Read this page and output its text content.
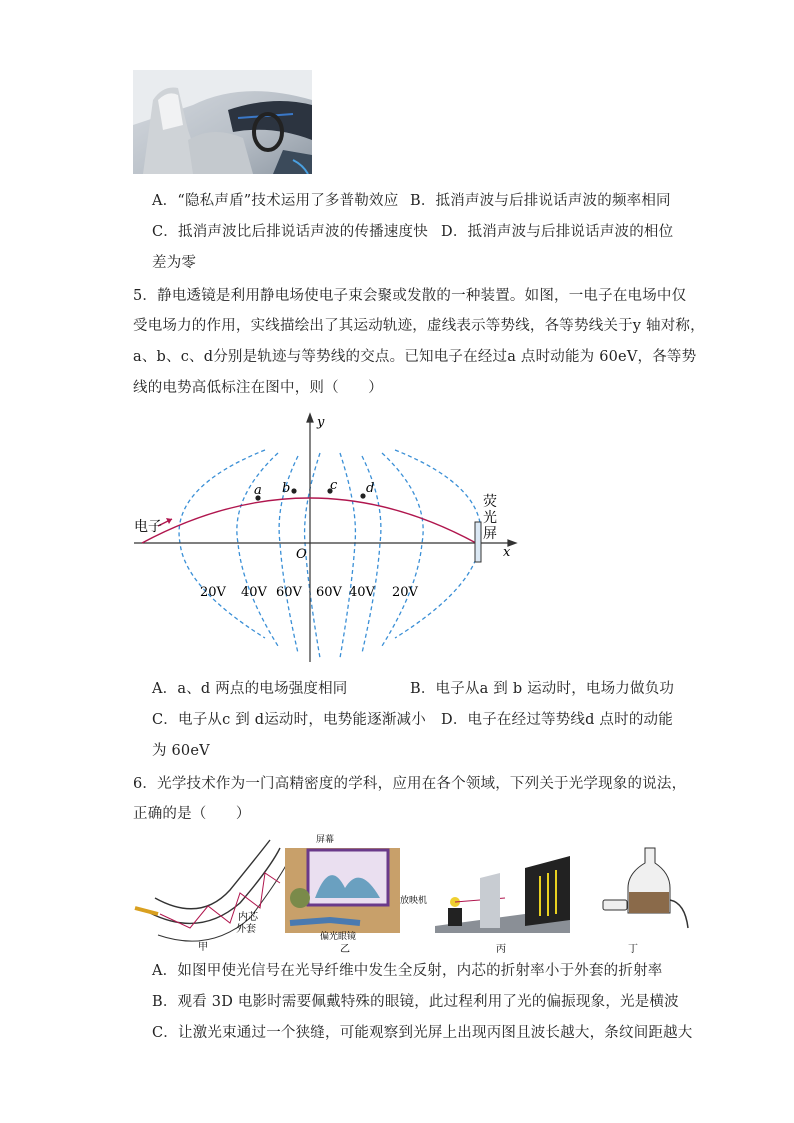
A．“隐私声盾”技术运用了多普勒效应 B．抵消声波与后排说话声波的频率相同
C．抵消声波比后排说话声波的传播速度快 D．抵消声波与后排说话声波的相位
差为零
5．静电透镜是利用静电场使电子束会聚或发散的一种装置。如图，一电子在电场中仅
受电场力的作用，实线描绘出了其运动轨迹，虚线表示等势线，各等势线关于y 轴对称，
a、b、c、d分别是轨迹与等势线的交点。已知电子在经过a 点时动能为 60eV，各等势
线的电势高低标注在图中，则（　　）
y
x
O
电子
a b	c d
荧
光
屏
20V 40V 60V 60V 40V 20V
A．a、d 两点的电场强度相同	B．电子从a 到 b 运动时，电场力做负功
C．电子从c 到 d运动时，电势能逐渐减小 D．电子在经过等势线d 点时的动能
为 60eV
6．光学技术作为一门高精密度的学科，应用在各个领域，下列关于光学现象的说法，
正确的是（　　）
内芯
外套
甲
屏幕
偏光眼镜
乙
放映机
丙	丁
A．如图甲使光信号在光导纤维中发生全反射，内芯的折射率小于外套的折射率
B．观看 3D 电影时需要佩戴特殊的眼镜，此过程利用了光的偏振现象，光是横波
C．让激光束通过一个狭缝，可能观察到光屏上出现丙图且波长越大，条纹间距越大
